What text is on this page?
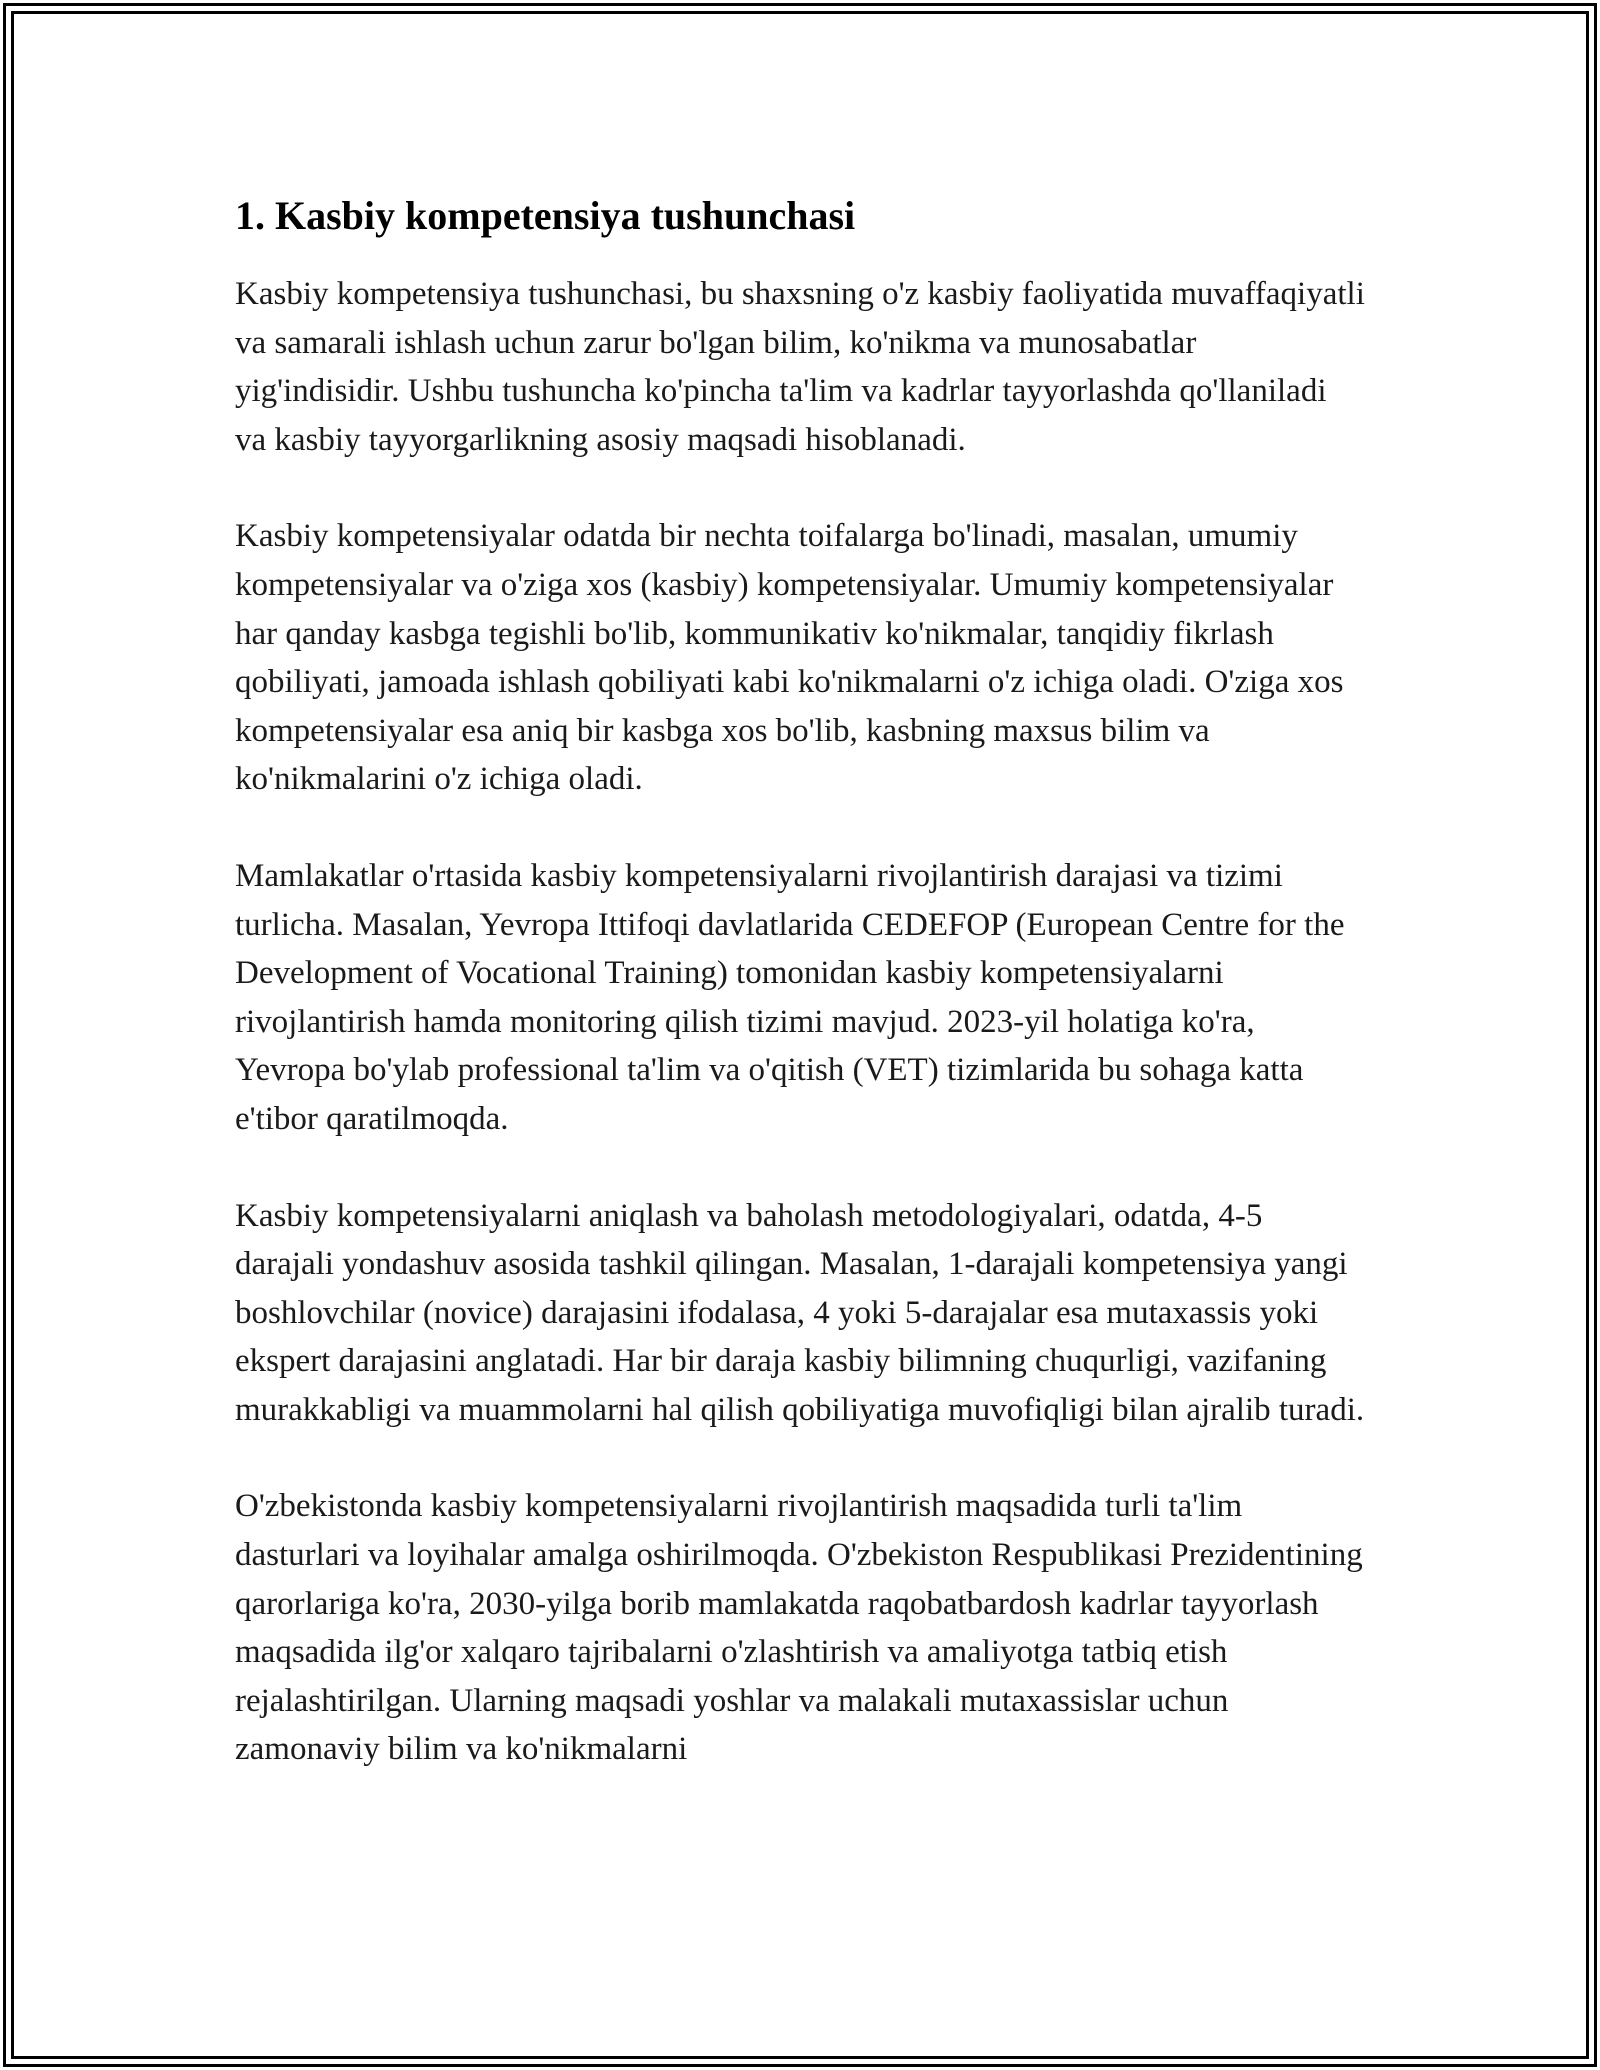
1. Kasbiy kompetensiya tushunchasi

Kasbiy kompetensiya tushunchasi, bu shaxsning o'z kasbiy faoliyatida muvaffaqiyatli va samarali ishlash uchun zarur bo'lgan bilim, ko'nikma va munosabatlar yig'indisidir. Ushbu tushuncha ko'pincha ta'lim va kadrlar tayyorlashda qo'llaniladi va kasbiy tayyorgarlikning asosiy maqsadi hisoblanadi.

Kasbiy kompetensiyalar odatda bir nechta toifalarga bo'linadi, masalan, umumiy kompetensiyalar va o'ziga xos (kasbiy) kompetensiyalar. Umumiy kompetensiyalar har qanday kasbga tegishli bo'lib, kommunikativ ko'nikmalar, tanqidiy fikrlash qobiliyati, jamoada ishlash qobiliyati kabi ko'nikmalarni o'z ichiga oladi. O'ziga xos kompetensiyalar esa aniq bir kasbga xos bo'lib, kasbning maxsus bilim va ko'nikmalarini o'z ichiga oladi.

Mamlakatlar o'rtasida kasbiy kompetensiyalarni rivojlantirish darajasi va tizimi turlicha. Masalan, Yevropa Ittifoqi davlatlarida CEDEFOP (European Centre for the Development of Vocational Training) tomonidan kasbiy kompetensiyalarni rivojlantirish hamda monitoring qilish tizimi mavjud. 2023-yil holatiga ko'ra, Yevropa bo'ylab professional ta'lim va o'qitish (VET) tizimlarida bu sohaga katta e'tibor qaratilmoqda.

Kasbiy kompetensiyalarni aniqlash va baholash metodologiyalari, odatda, 4-5 darajali yondashuv asosida tashkil qilingan. Masalan, 1-darajali kompetensiya yangi boshlovchilar (novice) darajasini ifodalasa, 4 yoki 5-darajalar esa mutaxassis yoki ekspert darajasini anglatadi. Har bir daraja kasbiy bilimning chuqurligi, vazifaning murakkabligi va muammolarni hal qilish qobiliyatiga muvofiqligi bilan ajralib turadi.

O'zbekistonda kasbiy kompetensiyalarni rivojlantirish maqsadida turli ta'lim dasturlari va loyihalar amalga oshirilmoqda. O'zbekiston Respublikasi Prezidentining qarorlariga ko'ra, 2030-yilga borib mamlakatda raqobatbardosh kadrlar tayyorlash maqsadida ilg'or xalqaro tajribalarni o'zlashtirish va amaliyotga tatbiq etish rejalashtirilgan. Ularning maqsadi yoshlar va malakali mutaxassislar uchun zamonaviy bilim va ko'nikmalarni
